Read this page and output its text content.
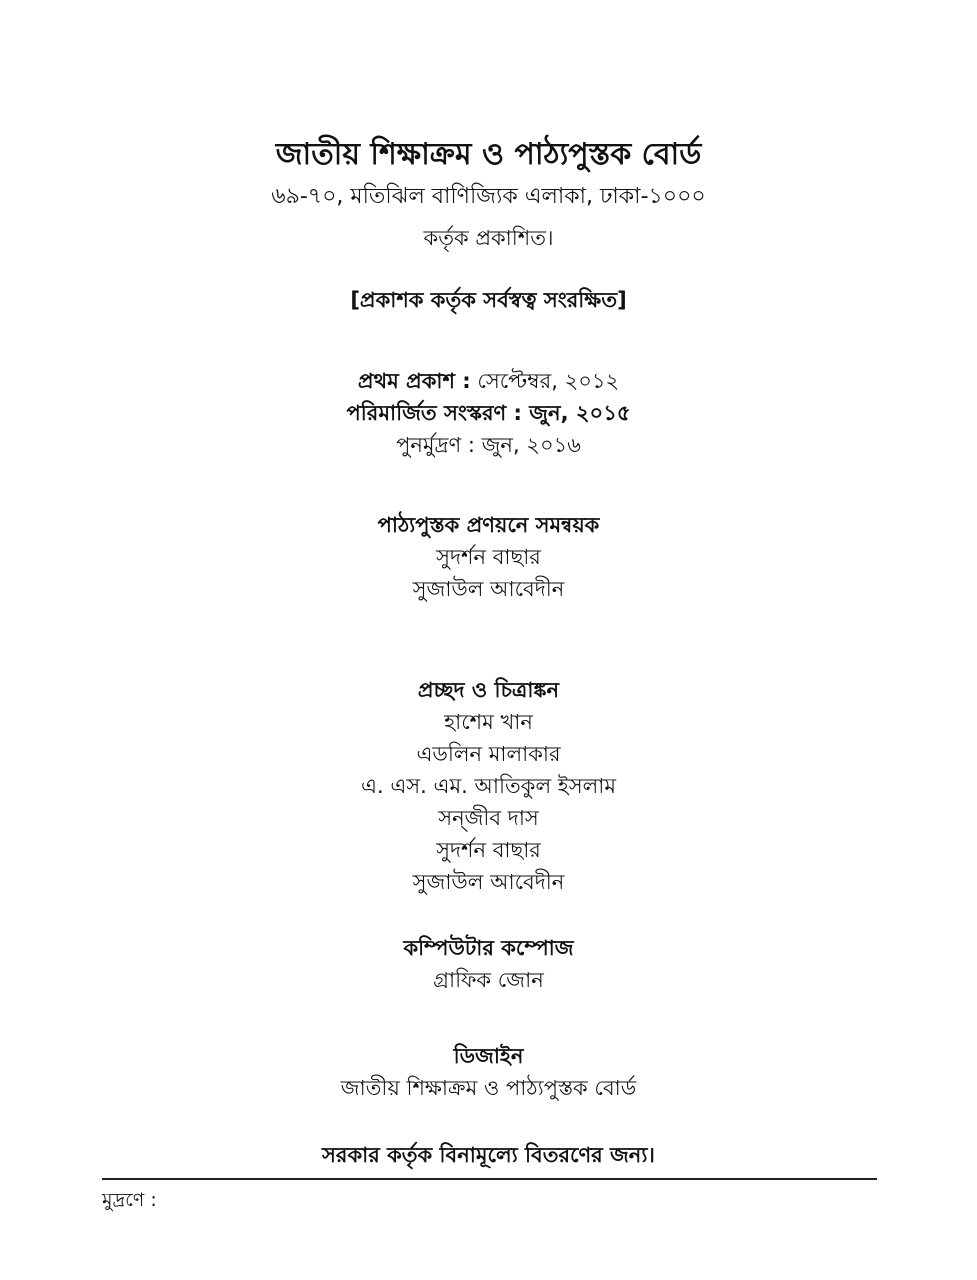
জাতীয় শিক্ষাক্রম ও পাঠ্যপুস্তক বোর্ড
৬৯-৭০, মতিঝিল বাণিজ্যিক এলাকা, ঢাকা-১০০০
কর্তৃক প্রকাশিত।
[প্রকাশক কর্তৃক সর্বস্বত্ব সংরক্ষিত]
প্রথম প্রকাশ : সেপ্টেম্বর, ২০১২
পরিমার্জিত সংস্করণ : জুন, ২০১৫
পুনর্মুদ্রণ : জুন, ২০১৬
পাঠ্যপুস্তক প্রণয়নে সমন্বয়ক
সুদর্শন বাছার
সুজাউল আবেদীন
প্রচ্ছদ ও চিত্রাঙ্কন
হাশেম খান
এডলিন মালাকার
এ. এস. এম. আতিকুল ইসলাম
সন্জীব দাস
সুদর্শন বাছার
সুজাউল আবেদীন
কম্পিউটার কম্পোজ
গ্রাফিক জোন
ডিজাইন
জাতীয় শিক্ষাক্রম ও পাঠ্যপুস্তক বোর্ড
সরকার কর্তৃক বিনামূল্যে বিতরণের জন্য।
মুদ্রণে :
